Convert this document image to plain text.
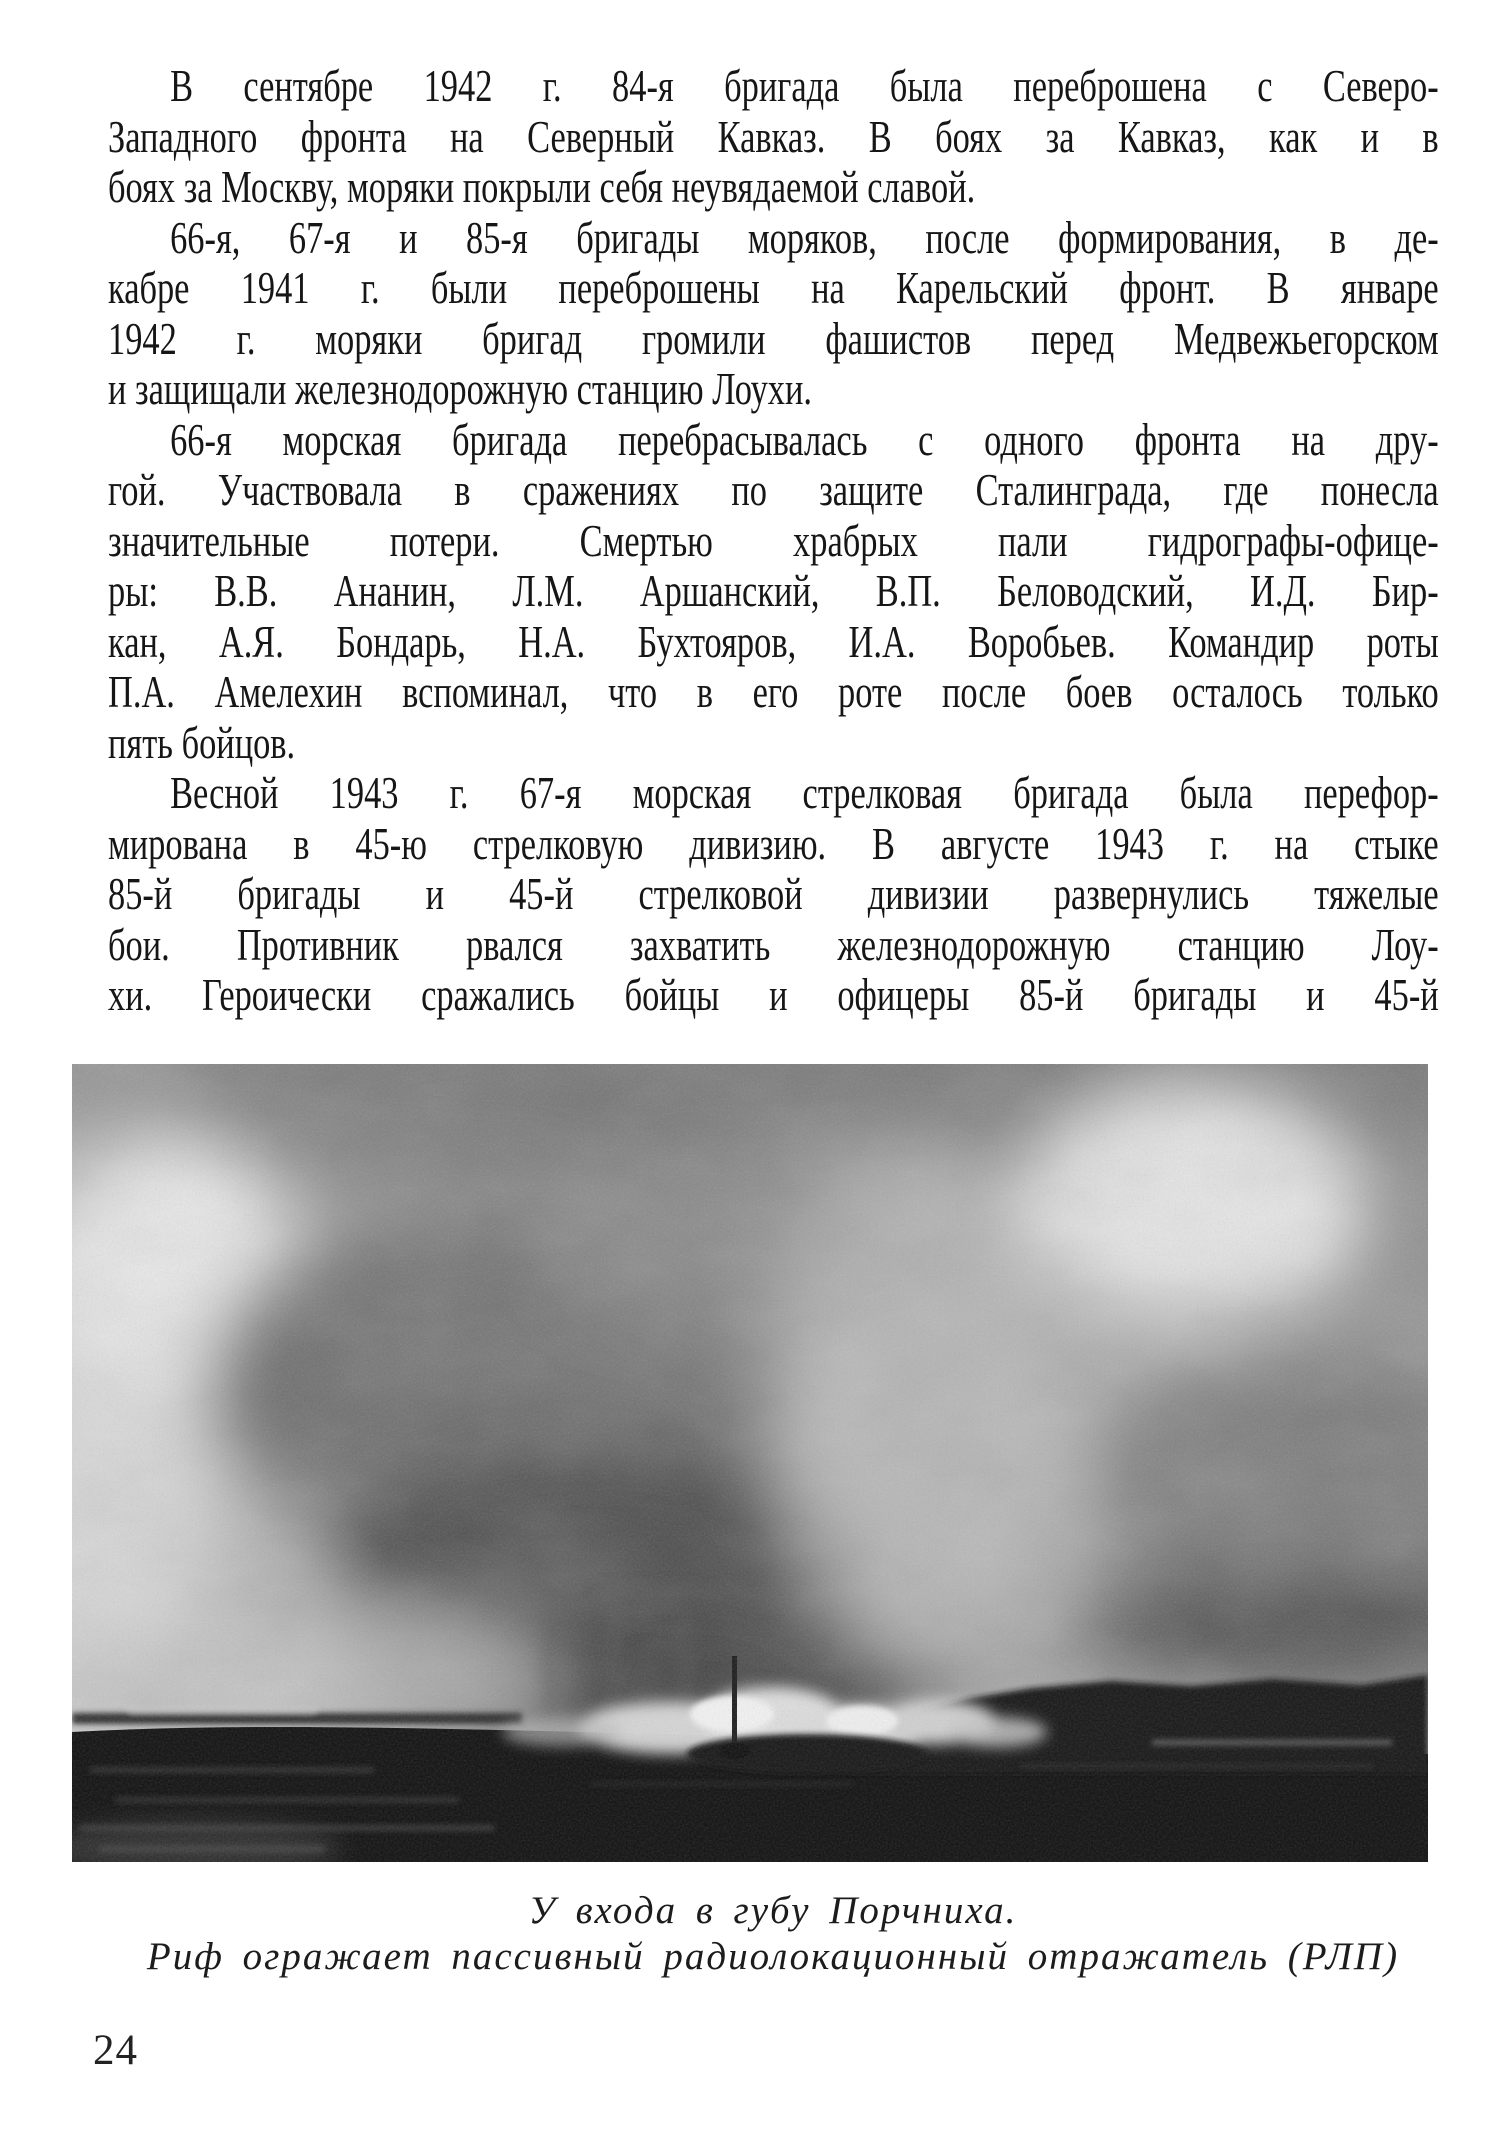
В сентябре 1942 г. 84-я бригада была переброшена с Северо-
Западного фронта на Северный Кавказ. В боях за Кавказ, как и в
боях за Москву, моряки покрыли себя неувядаемой славой.
66-я, 67-я и 85-я бригады моряков, после формирования, в де-
кабре 1941 г. были переброшены на Карельский фронт. В январе
1942 г. моряки бригад громили фашистов перед Медвежьегорском
и защищали железнодорожную станцию Лоухи.
66-я морская бригада перебрасывалась с одного фронта на дру-
гой. Участвовала в сражениях по защите Сталинграда, где понесла
значительные потери. Смертью храбрых пали гидрографы-офице-
ры: В.В. Ананин, Л.М. Аршанский, В.П. Беловодский, И.Д. Бир-
кан, А.Я. Бондарь, Н.А. Бухтояров, И.А. Воробьев. Командир роты
П.А. Амелехин вспоминал, что в его роте после боев осталось только
пять бойцов.
Весной 1943 г. 67-я морская стрелковая бригада была перефор-
мирована в 45-ю стрелковую дивизию. В августе 1943 г. на стыке
85-й бригады и 45-й стрелковой дивизии развернулись тяжелые
бои. Противник рвался захватить железнодорожную станцию Лоу-
хи. Героически сражались бойцы и офицеры 85-й бригады и 45-й
У входа в губу Порчниха.
Риф огражает пассивный радиолокационный отражатель (РЛП)
24
